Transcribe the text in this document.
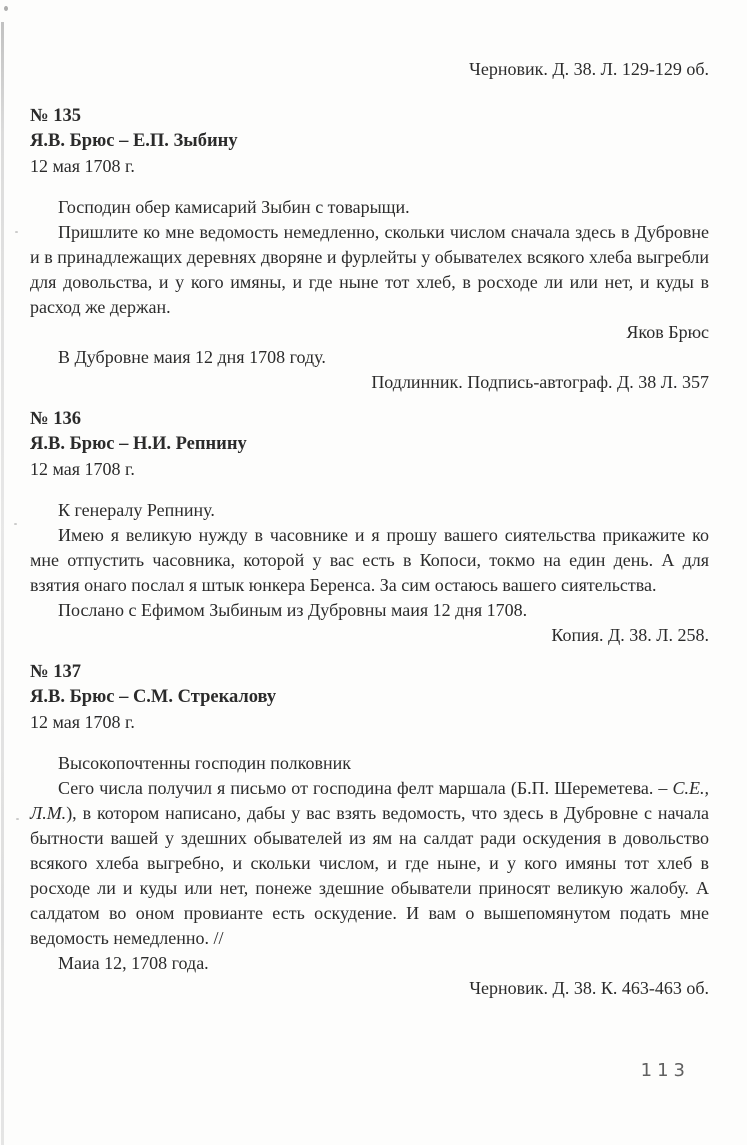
Черновик. Д. 38. Л. 129-129 об.
№ 135
Я.В. Брюс – Е.П. Зыбину
12 мая 1708 г.

Господин обер камисарий Зыбин с товарыщи.

Пришлите ко мне ведомость немедленно, скольки числом сначала здесь в Дубровне и в принадлежащих деревнях дворяне и фурлейты у обывателех всякого хлеба выгребли для довольства, и у кого имяны, и где ныне тот хлеб, в росходе ли или нет, и куды в расход же держан.

Яков Брюс

В Дубровне маия 12 дня 1708 году.

Подлинник. Подпись-автограф. Д. 38 Л. 357
№ 136
Я.В. Брюс – Н.И. Репнину
12 мая 1708 г.

К генералу Репнину.

Имею я великую нужду в часовнике и я прошу вашего сиятельства прикажите ко мне отпустить часовника, которой у вас есть в Копоси, токмо на един день. А для взятия онаго послал я штык юнкера Беренса. За сим остаюсь вашего сиятельства.

Послано с Ефимом Зыбиным из Дубровны маия 12 дня 1708.

Копия. Д. 38. Л. 258.
№ 137
Я.В. Брюс – С.М. Стрекалову
12 мая 1708 г.

Высокопочтенны господин полковник

Сего числа получил я письмо от господина фелт маршала (Б.П. Шереметева. – С.Е., Л.М.), в котором написано, дабы у вас взять ведомость, что здесь в Дубровне с начала бытности вашей у здешних обывателей из ям на салдат ради оскудения в довольство всякого хлеба выгребно, и скольки числом, и где ныне, и у кого имяны тот хлеб в росходе ли и куды или нет, понеже здешние обыватели приносят великую жалобу. А салдатом во оном провианте есть оскудение. И вам о вышепомянутом подать мне ведомость немедленно. //

Маиа 12, 1708 года.

Черновик. Д. 38. К. 463-463 об.
113
